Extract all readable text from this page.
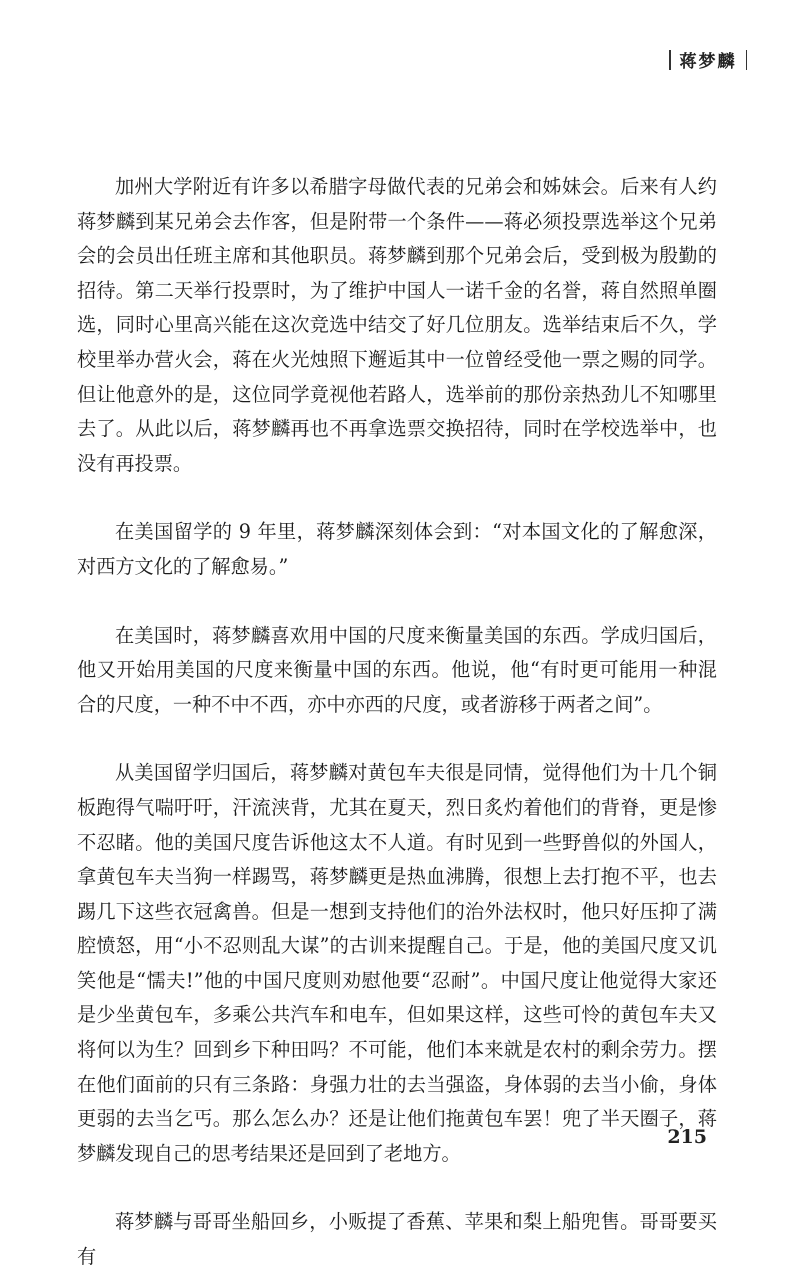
蒋梦麟

加州大学附近有许多以希腊字母做代表的兄弟会和姊妹会。后来有人约蒋梦麟到某兄弟会去作客，但是附带一个条件——蒋必须投票选举这个兄弟会的会员出任班主席和其他职员。蒋梦麟到那个兄弟会后，受到极为殷勤的招待。第二天举行投票时，为了维护中国人一诺千金的名誉，蒋自然照单圈选，同时心里高兴能在这次竞选中结交了好几位朋友。选举结束后不久，学校里举办营火会，蒋在火光烛照下邂逅其中一位曾经受他一票之赐的同学。但让他意外的是，这位同学竟视他若路人，选举前的那份亲热劲儿不知哪里去了。从此以后，蒋梦麟再也不再拿选票交换招待，同时在学校选举中，也没有再投票。

在美国留学的 9 年里，蒋梦麟深刻体会到：“对本国文化的了解愈深，对西方文化的了解愈易。”

在美国时，蒋梦麟喜欢用中国的尺度来衡量美国的东西。学成归国后，他又开始用美国的尺度来衡量中国的东西。他说，他“有时更可能用一种混合的尺度，一种不中不西，亦中亦西的尺度，或者游移于两者之间”。

从美国留学归国后，蒋梦麟对黄包车夫很是同情，觉得他们为十几个铜板跑得气喘吁吁，汗流浃背，尤其在夏天，烈日炙灼着他们的背脊，更是惨不忍睹。他的美国尺度告诉他这太不人道。有时见到一些野兽似的外国人，拿黄包车夫当狗一样踢骂，蒋梦麟更是热血沸腾，很想上去打抱不平，也去踢几下这些衣冠禽兽。但是一想到支持他们的治外法权时，他只好压抑了满腔愤怒，用“小不忍则乱大谋”的古训来提醒自己。于是，他的美国尺度又讥笑他是“懦夫!”他的中国尺度则劝慰他要“忍耐”。中国尺度让他觉得大家还是少坐黄包车，多乘公共汽车和电车，但如果这样，这些可怜的黄包车夫又将何以为生？回到乡下种田吗？不可能，他们本来就是农村的剩余劳力。摆在他们面前的只有三条路：身强力壮的去当强盗，身体弱的去当小偷，身体更弱的去当乞丐。那么怎么办？还是让他们拖黄包车罢！兜了半天圈子，蒋梦麟发现自己的思考结果还是回到了老地方。

蒋梦麟与哥哥坐船回乡，小贩提了香蕉、苹果和梨上船兜售。哥哥要买有

215
